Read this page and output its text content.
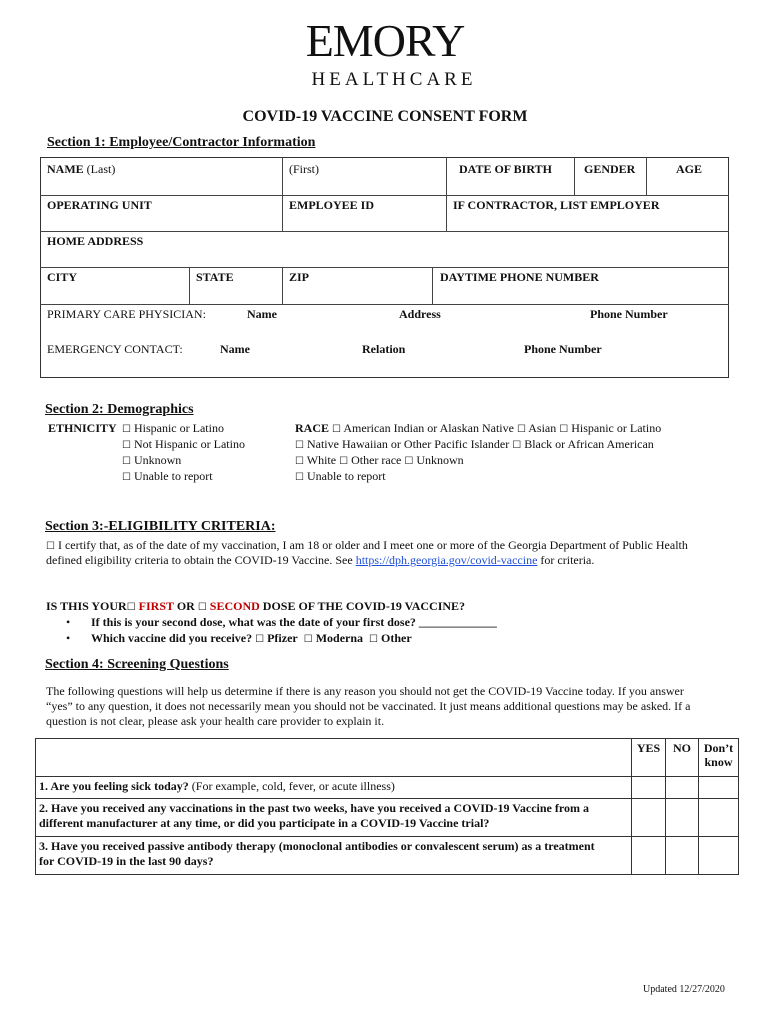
EMORY
HEALTHCARE
COVID-19 VACCINE CONSENT FORM
Section 1: Employee/Contractor Information
NAME (Last)	(First)	DATE OF BIRTH	GENDER	AGE
OPERATING UNIT	EMPLOYEE ID	IF CONTRACTOR, LIST EMPLOYER
HOME ADDRESS
CITY	STATE	ZIP	DAYTIME PHONE NUMBER
PRIMARY CARE PHYSICIAN:	Name	Address	Phone Number
EMERGENCY CONTACT:	Name	Relation	Phone Number
Section 2: Demographics
ETHNICITY ☐ Hispanic or Latino
☐ Not Hispanic or Latino
☐ Unknown
☐ Unable to report
RACE ☐ American Indian or Alaskan Native ☐ Asian ☐ Hispanic or Latino
☐ Native Hawaiian or Other Pacific Islander ☐ Black or African American
☐ White ☐ Other race ☐ Unknown
☐ Unable to report
Section 3:-ELIGIBILITY CRITERIA:
☐ I certify that, as of the date of my vaccination, I am 18 or older and I meet one or more of the Georgia Department of Public Health
defined eligibility criteria to obtain the COVID-19 Vaccine. See https://dph.georgia.gov/covid-vaccine for criteria.
IS THIS YOUR☐ FIRST OR ☐ SECOND DOSE OF THE COVID-19 VACCINE?
• If this is your second dose, what was the date of your first dose? _____________
• Which vaccine did you receive? ☐ Pfizer ☐ Moderna ☐ Other
Section 4: Screening Questions
The following questions will help us determine if there is any reason you should not get the COVID-19 Vaccine today. If you answer
“yes” to any question, it does not necessarily mean you should not be vaccinated. It just means additional questions may be asked. If a
question is not clear, please ask your health care provider to explain it.
	YES	NO	Don’t
know
1. Are you feeling sick today? (For example, cold, fever, or acute illness)			
2. Have you received any vaccinations in the past two weeks, have you received a COVID-19 Vaccine from a
different manufacturer at any time, or did you participate in a COVID-19 Vaccine trial?			
3. Have you received passive antibody therapy (monoclonal antibodies or convalescent serum) as a treatment
for COVID-19 in the last 90 days?			
Updated 12/27/2020
